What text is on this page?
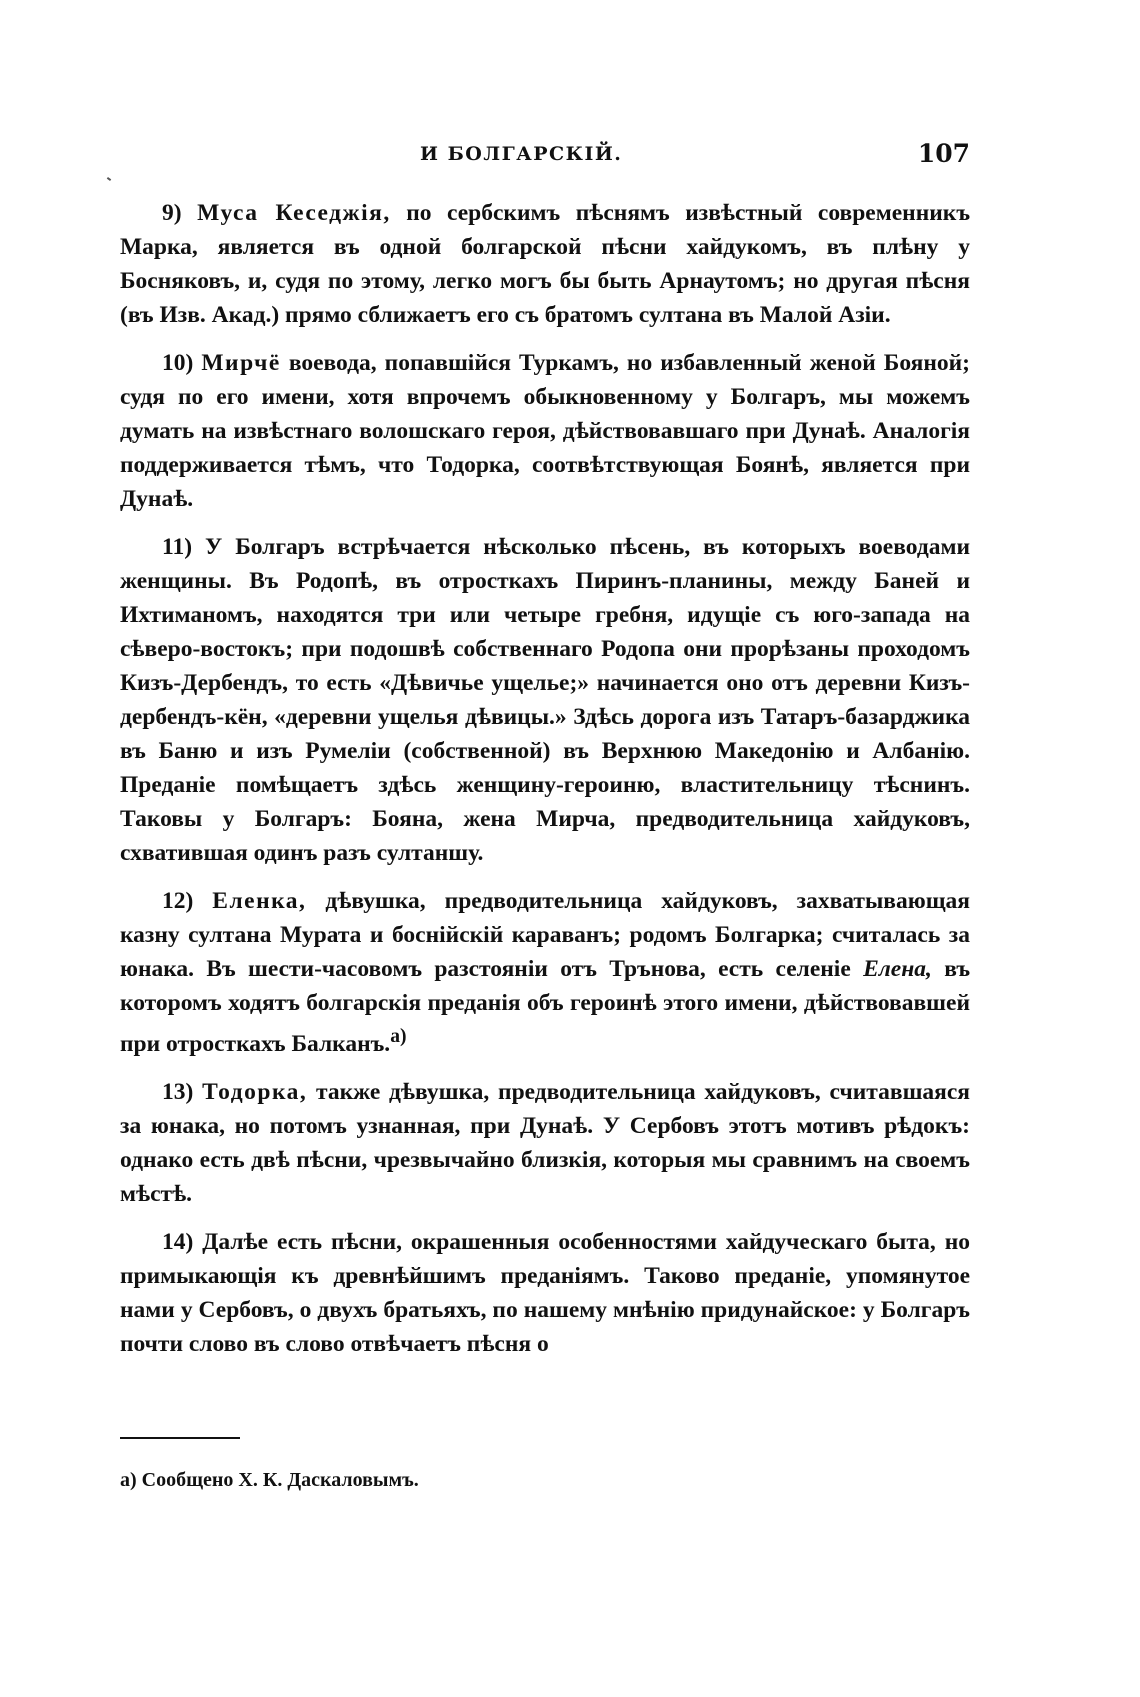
И БОЛГАРСКІЙ.	107

9) Муса Кеседжія, по сербскимъ пѣснямъ извѣстный современникъ Марка, является въ одной болгарской пѣсни хайдукомъ, въ плѣну у Босняковъ, и, судя по этому, легко могъ бы быть Арнаутомъ; но другая пѣсня (въ Изв. Акад.) прямо сближаетъ его съ братомъ султана въ Малой Азіи.

10) Мирчё воевода, попавшійся Туркамъ, но избавленный женой Бояной; судя по его имени, хотя впрочемъ обыкновенному у Болгаръ, мы можемъ думать на извѣстнаго волошскаго героя, дѣйствовавшаго при Дунаѣ. Аналогія поддерживается тѣмъ, что Тодорка, соотвѣтствующая Боянѣ, является при Дунаѣ.

11) У Болгаръ встрѣчается нѣсколько пѣсень, въ которыхъ воеводами женщины. Въ Родопѣ, въ отросткахъ Пиринъ-планины, между Баней и Ихтиманомъ, находятся три или четыре гребня, идущіе съ юго-запада на сѣверо-востокъ; при подошвѣ собственнаго Родопа они прорѣзаны проходомъ Кизъ-Дербендъ, то есть «Дѣвичье ущелье;» начинается оно отъ деревни Кизъ-дербендъ-кён, «деревни ущелья дѣвицы.» Здѣсь дорога изъ Татаръ-базарджика въ Баню и изъ Румеліи (собственной) въ Верхнюю Македонію и Албанію. Преданіе помѣщаетъ здѣсь женщину-героиню, властительницу тѣснинъ. Таковы у Болгаръ: Бояна, жена Мирча, предводительница хайдуковъ, схватившая одинъ разъ султаншу.

12) Еленка, дѣвушка, предводительница хайдуковъ, захватывающая казну султана Мурата и боснійскій караванъ; родомъ Болгарка; считалась за юнака. Въ шести-часовомъ разстояніи отъ Трънова, есть селеніе Елена, въ которомъ ходятъ болгарскія преданія объ героинѣ этого имени, дѣйствовавшей при отросткахъ Балканъ.$^{а)}$

13) Тодорка, также дѣвушка, предводительница хайдуковъ, считавшаяся за юнака, но потомъ узнанная, при Дунаѣ. У Сербовъ этотъ мотивъ рѣдокъ: однако есть двѣ пѣсни, чрезвычайно близкія, которыя мы сравнимъ на своемъ мѣстѣ.

14) Далѣе есть пѣсни, окрашенныя особенностями хайдуческаго быта, но примыкающія къ древнѣйшимъ преданіямъ. Таково преданіе, упомянутое нами у Сербовъ, о двухъ братьяхъ, по нашему мнѣнію придунайское: у Болгаръ почти слово въ слово отвѣчаетъ пѣсня о

а) Сообщено Х. К. Даскаловымъ.
